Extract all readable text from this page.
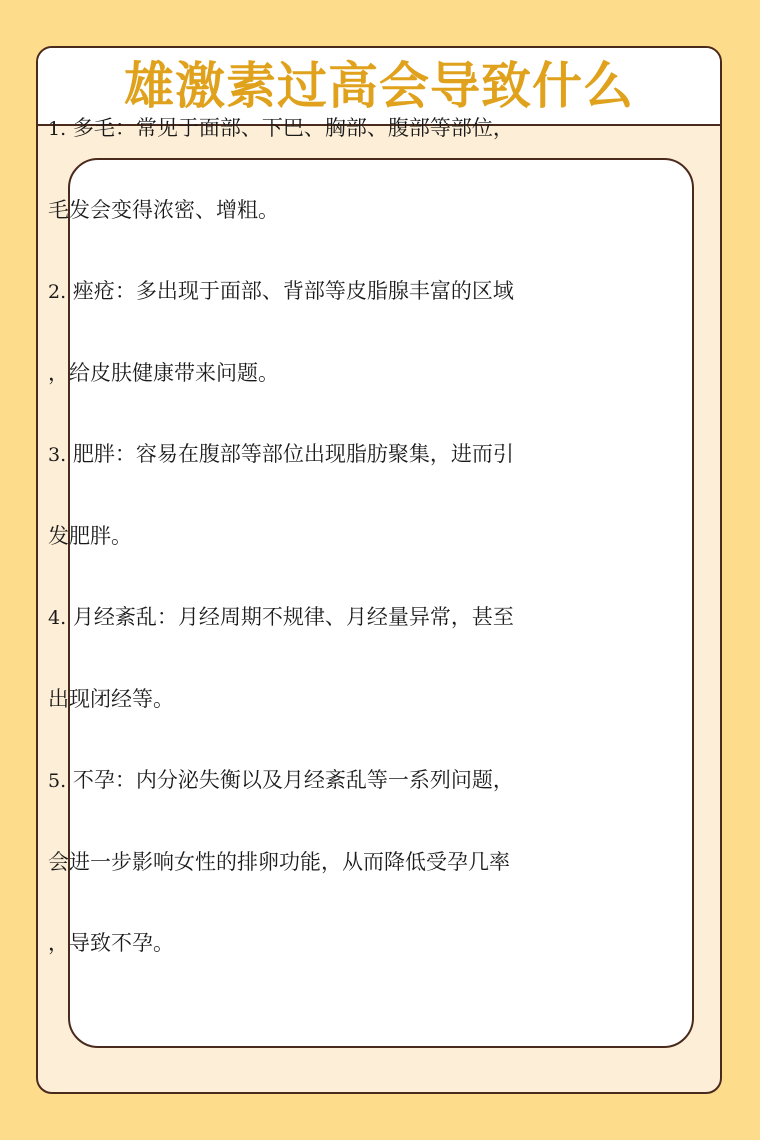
雄激素过高会导致什么
1. 多毛：常见于面部、下巴、胸部、腹部等部位，
毛发会变得浓密、增粗。
2. 痤疮：多出现于面部、背部等皮脂腺丰富的区域
，给皮肤健康带来问题。
3. 肥胖：容易在腹部等部位出现脂肪聚集，进而引
发肥胖。
4. 月经紊乱：月经周期不规律、月经量异常，甚至
出现闭经等。
5. 不孕：内分泌失衡以及月经紊乱等一系列问题，
会进一步影响女性的排卵功能，从而降低受孕几率
，导致不孕。
